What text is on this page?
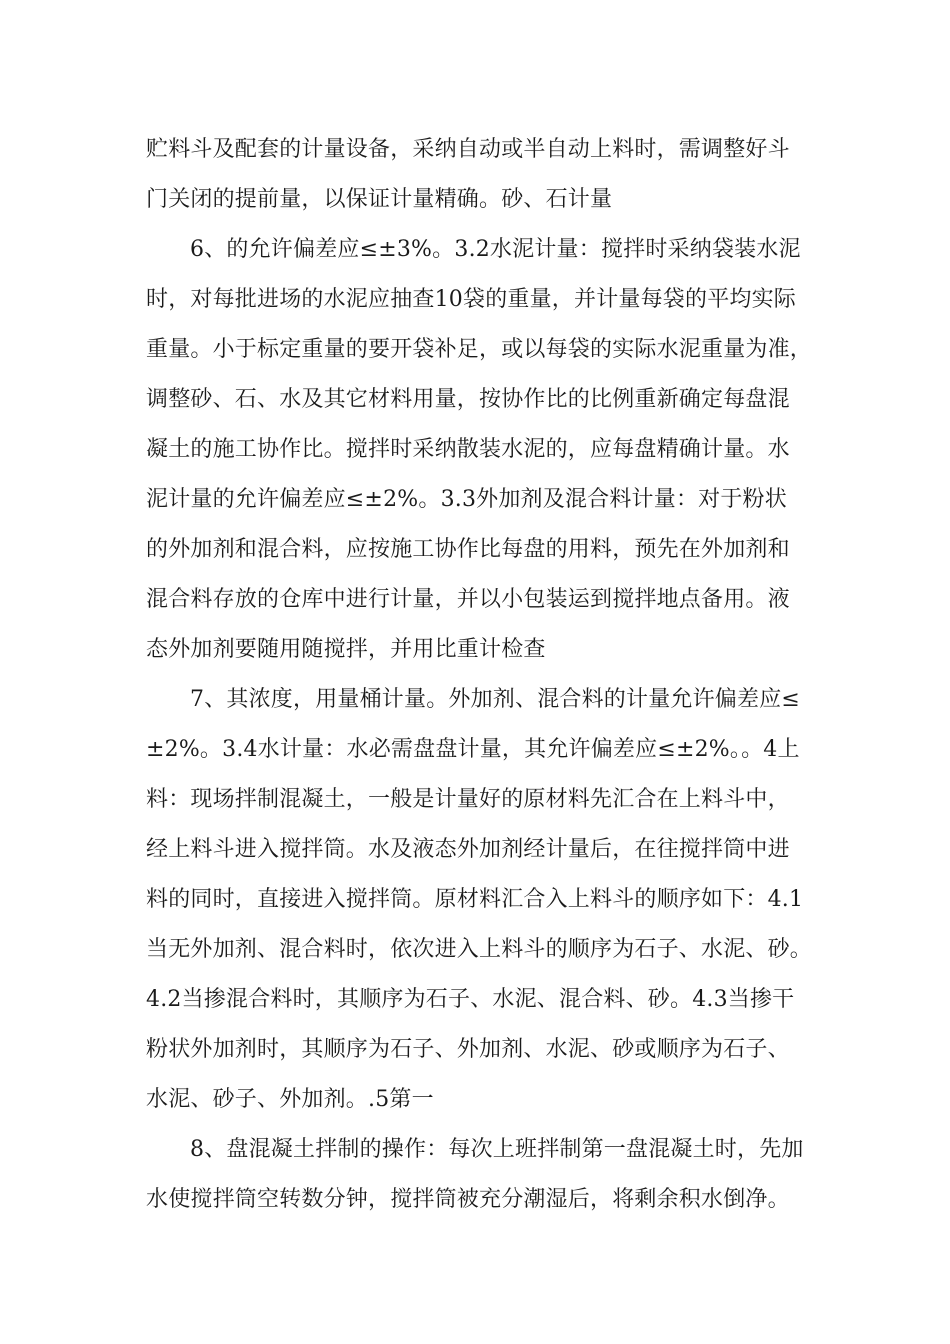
贮料斗及配套的计量设备，采纳自动或半自动上料时，需调整好斗
门关闭的提前量，以保证计量精确。砂、石计量
6、的允许偏差应≤±3%。3.2水泥计量：搅拌时采纳袋装水泥
时，对每批进场的水泥应抽查10袋的重量，并计量每袋的平均实际
重量。小于标定重量的要开袋补足，或以每袋的实际水泥重量为准，
调整砂、石、水及其它材料用量，按协作比的比例重新确定每盘混
凝土的施工协作比。搅拌时采纳散装水泥的，应每盘精确计量。水
泥计量的允许偏差应≤±2%。3.3外加剂及混合料计量：对于粉状
的外加剂和混合料，应按施工协作比每盘的用料，预先在外加剂和
混合料存放的仓库中进行计量，并以小包装运到搅拌地点备用。液
态外加剂要随用随搅拌，并用比重计检查
7、其浓度，用量桶计量。外加剂、混合料的计量允许偏差应≤
±2%。3.4水计量：水必需盘盘计量，其允许偏差应≤±2%。。4上
料：现场拌制混凝土，一般是计量好的原材料先汇合在上料斗中，
经上料斗进入搅拌筒。水及液态外加剂经计量后，在往搅拌筒中进
料的同时，直接进入搅拌筒。原材料汇合入上料斗的顺序如下：4.1
当无外加剂、混合料时，依次进入上料斗的顺序为石子、水泥、砂。
4.2当掺混合料时，其顺序为石子、水泥、混合料、砂。4.3当掺干
粉状外加剂时，其顺序为石子、外加剂、水泥、砂或顺序为石子、
水泥、砂子、外加剂。.5第一
8、盘混凝土拌制的操作：每次上班拌制第一盘混凝土时，先加
水使搅拌筒空转数分钟，搅拌筒被充分潮湿后，将剩余积水倒净。
